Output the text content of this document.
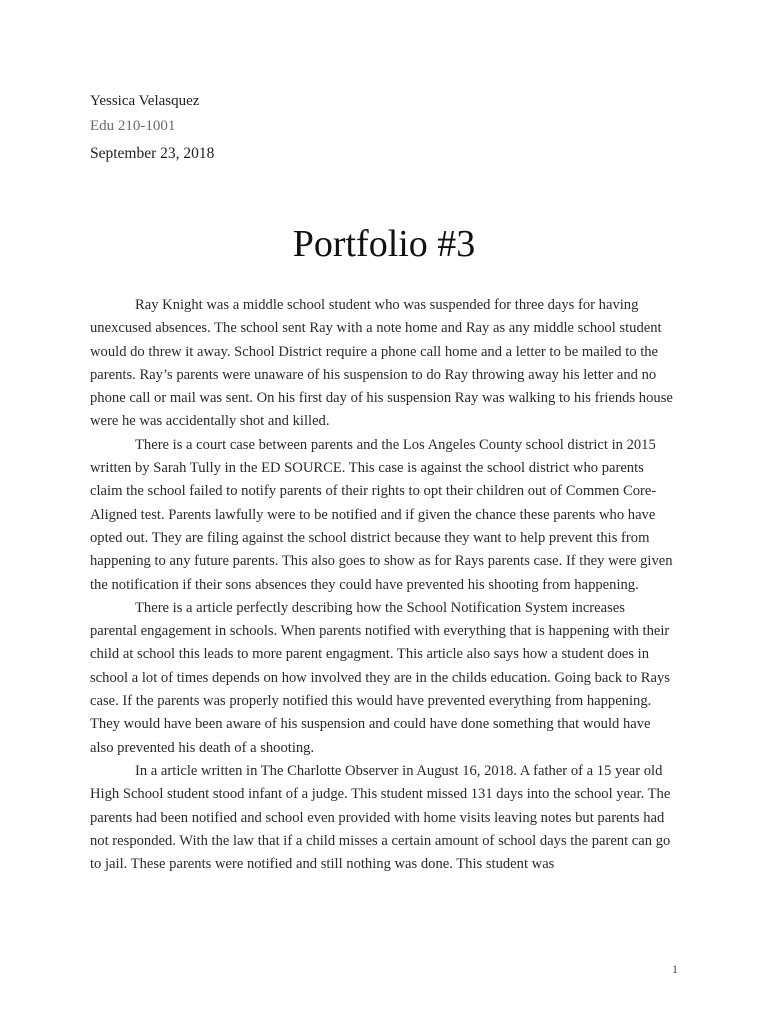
Yessica Velasquez
Edu 210-1001
September 23, 2018
Portfolio #3

Ray Knight was a middle school student who was suspended for three days for having unexcused absences. The school sent Ray with a note home and Ray as any middle school student would do threw it away. School District require a phone call home and a letter to be mailed to the parents. Ray’s parents were unaware of his suspension to do Ray throwing away his letter and no phone call or mail was sent. On his first day of his suspension Ray was walking to his friends house were he was accidentally shot and killed.

There is a court case between parents and the Los Angeles County school district in 2015 written by Sarah Tully in the ED SOURCE. This case is against the school district who parents claim the school failed to notify parents of their rights to opt their children out of Commen Core-Aligned test. Parents lawfully were to be notified and if given the chance these parents who have opted out. They are filing against the school district because they want to help prevent this from happening to any future parents. This also goes to show as for Rays parents case. If they were given the notification if their sons absences they could have prevented his shooting from happening.

There is a article perfectly describing how the School Notification System increases parental engagement in schools. When parents notified with everything that is happening with their child at school this leads to more parent engagment. This article also says how a student does in school a lot of times depends on how involved they are in the childs education. Going back to Rays case. If the parents was properly notified this would have prevented everything from happening. They would have been aware of his suspension and could have done something that would have also prevented his death of a shooting.

In a article written in The Charlotte Observer in August 16, 2018. A father of a 15 year old High School student stood infant of a judge. This student missed 131 days into the school year. The parents had been notified and school even provided with home visits leaving notes but parents had not responded. With the law that if a child misses a certain amount of school days the parent can go to jail. These parents were notified and still nothing was done. This student was

1
